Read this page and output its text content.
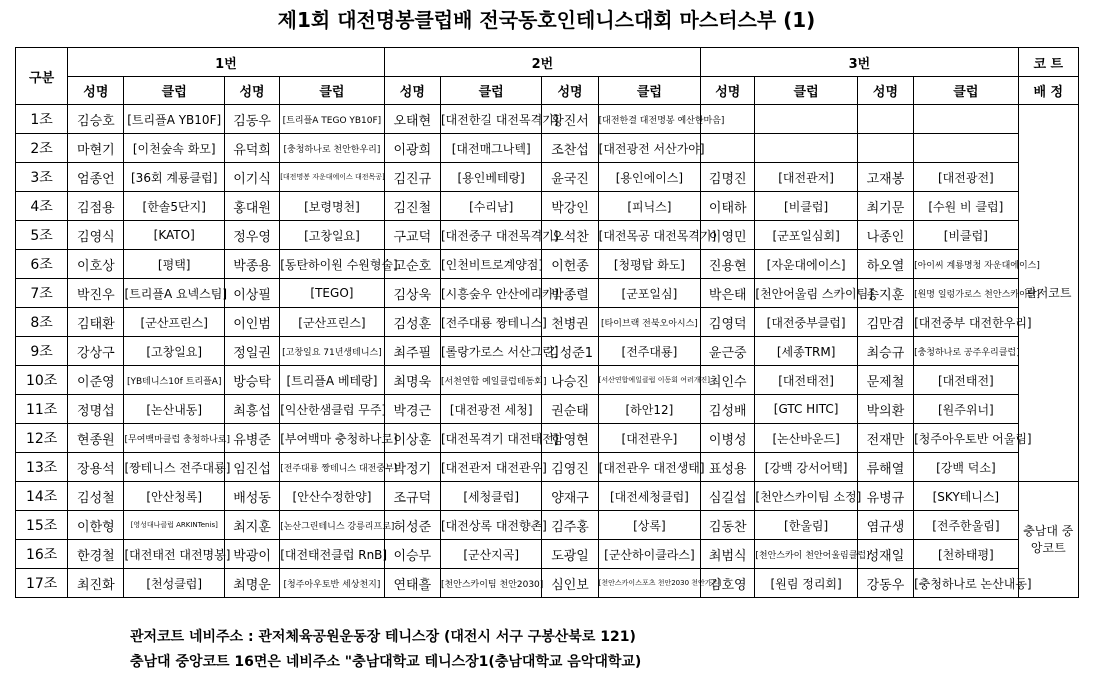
제1회 대전명봉클럽배 전국동호인테니스대회 마스터스부 (1)
구분	1번				2번				3번				코 트
	성명	클럽	성명	클럽	성명	클럽	성명	클럽	성명	클럽	성명	클럽	배 정
1조	김승호	[트리플A YB10F]	김동우	[트리플A TEGO YB10F]	오태현	[대전한길 대전목격기]	황진서	[대전한결 대전명봉 예산한마음]					관저코트
2조	마현기	[이천숲속 화모]	유덕희	[충청하나로 천안한우리]	이광희	[대전매그나텍]	조찬섭	[대전광전 서산가야]					
3조	엄종언	[36회 계룡클럽]	이기식	[대전명봉 자운대에이스 대전목공]	김진규	[용인베테랑]	윤국진	[용인에이스]	김명진	[대전관저]	고재봉	[대전광전]	
4조	김점용	[한솔5단지]	홍대원	[보령명천]	김진철	[수리남]	박강인	[피닉스]	이태하	[비클럽]	최기문	[수원 비 클럽]	
5조	김영식	[KATO]	정우영	[고창일요]	구교덕	[대전중구 대전목격기]	오석찬	[대전목공 대전목격기]	이영민	[군포일심회]	나종인	[비클럽]	
6조	이호상	[평택]	박종용	[동탄하이원 수원형술]	고순호	[인천비트로계양점]	이헌종	[청평탑 화도]	진용현	[자운대에이스]	하오열	[아이씨 계룡명청 자운대에이스]	
7조	박진우	[트리플A 요넥스팀]	이상필	[TEGO]	김상욱	[시흥숲우 안산에리카]	박종렬	[군포일심]	박은태	[천안어울림 스카이팀]	송지훈	[원명 일렁가로스 천안스카이팀]	
8조	김태환	[군산프린스]	이인범	[군산프린스]	김성훈	[전주대룡 짱테니스]	천병권	[타이브랙 전북오아시스]	김영덕	[대전중부클럽]	김만겸	[대전중부 대전한우리]	
9조	강상구	[고창일요]	정일권	[고창일요 71년생테니스]	최주필	[롤랑가로스 서산그린]	김성준1	[전주대룡]	윤근중	[세종TRM]	최승규	[충청하나로 공주우리클럽]	
10조	이준영	[YB테니스10f 트리플A]	방승탁	[트리플A 베테랑]	최명욱	[서천연합 예일클럽테동회]	나승진	[서산연합예일클럽 이동회 여러개진]	최인수	[대전태전]	문제철	[대전태전]	
11조	정명섭	[논산내동]	최흥섭	[익산한샘클럽 무주]	박경근	[대전광전 세청]	권순태	[하안12]	김성배	[GTC HITC]	박의환	[원주위너]	
12조	현종원	[무여백마클럽 충청하나로]	유병준	[부여백마 충청하나로]	이상훈	[대전목격기 대전태전]	함영현	[대전관우]	이병성	[논산바운드]	전재만	[청주아우토반 어울림]	
13조	장용석	[짱테니스 전주대룡]	임진섭	[전주대룡 짱테니스 대전중부]	박정기	[대전관저 대전관우]	김영진	[대전관우 대전생태]	표성용	[강백 강서어택]	류해열	[강백 덕소]	
14조	김성철	[안산청록]	배성동	[안산수정한양]	조규덕	[세청클럽]	양재구	[대전세청클럽]	심길섭	[천안스카이팀 소정]	유병규	[SKY테니스]	충남대 중앙코트
15조	이한형	[영성대나클럽 ARKINTenis]	최지훈	[논산그린테니스 강릉리프로]	허성준	[대전상록 대전향촌]	김주홍	[상록]	김동찬	[한울림]	염규생	[전주한울림]	
16조	한경철	[대전태전 대전명봉]	박광이	[대전태전클럽 RnB]	이승무	[군산지곡]	도광일	[군산하이클라스]	최범식	[천안스카이 천안어울림클럽]	성재일	[천하태평]	
17조	최진화	[천성클럽]	최명운	[청주아우토반 세상천지]	연태흘	[천안스카이팀 천안2030]	심인보	[천안스카이스포츠 천안2030 천안가온]	김호영	[원림 정리회]	강동우	[충청하나로 논산내동]	
관저코트 네비주소 : 관저체육공원운동장 테니스장 (대전시 서구 구봉산북로 121)
충남대 중앙코트 16면은 네비주소 "충남대학교 테니스장1(충남대학교 음악대학교)
